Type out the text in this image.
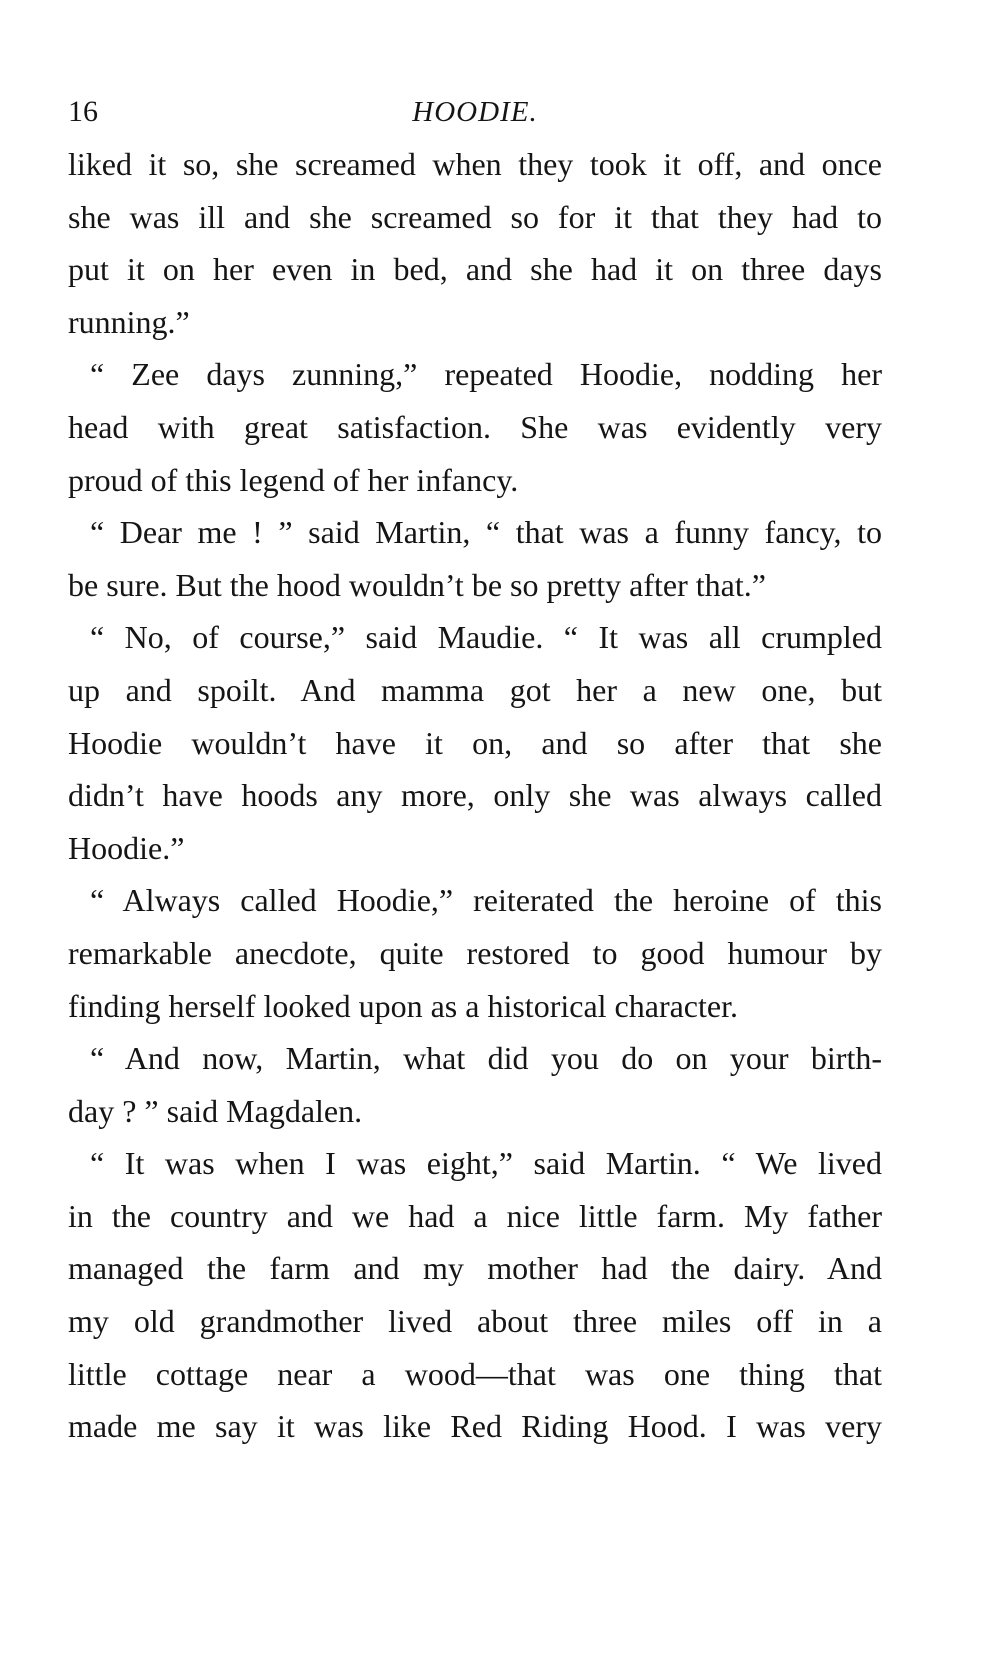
16	HOODIE.
liked it so, she screamed when they took it off, and once
she was ill and she screamed so for it that they had to
put it on her even in bed, and she had it on three days
running.”
“ Zee days zunning,” repeated Hoodie, nodding her
head with great satisfaction. She was evidently very
proud of this legend of her infancy.
“ Dear me ! ” said Martin, “ that was a funny fancy, to
be sure. But the hood wouldn’t be so pretty after that.”
“ No, of course,” said Maudie. “ It was all crumpled
up and spoilt. And mamma got her a new one, but
Hoodie wouldn’t have it on, and so after that she
didn’t have hoods any more, only she was always called
Hoodie.”
“ Always called Hoodie,” reiterated the heroine of this
remarkable anecdote, quite restored to good humour by
finding herself looked upon as a historical character.
“ And now, Martin, what did you do on your birth-
day ? ” said Magdalen.
“ It was when I was eight,” said Martin. “ We lived
in the country and we had a nice little farm. My father
managed the farm and my mother had the dairy. And
my old grandmother lived about three miles off in a
little cottage near a wood—that was one thing that
made me say it was like Red Riding Hood. I was very
